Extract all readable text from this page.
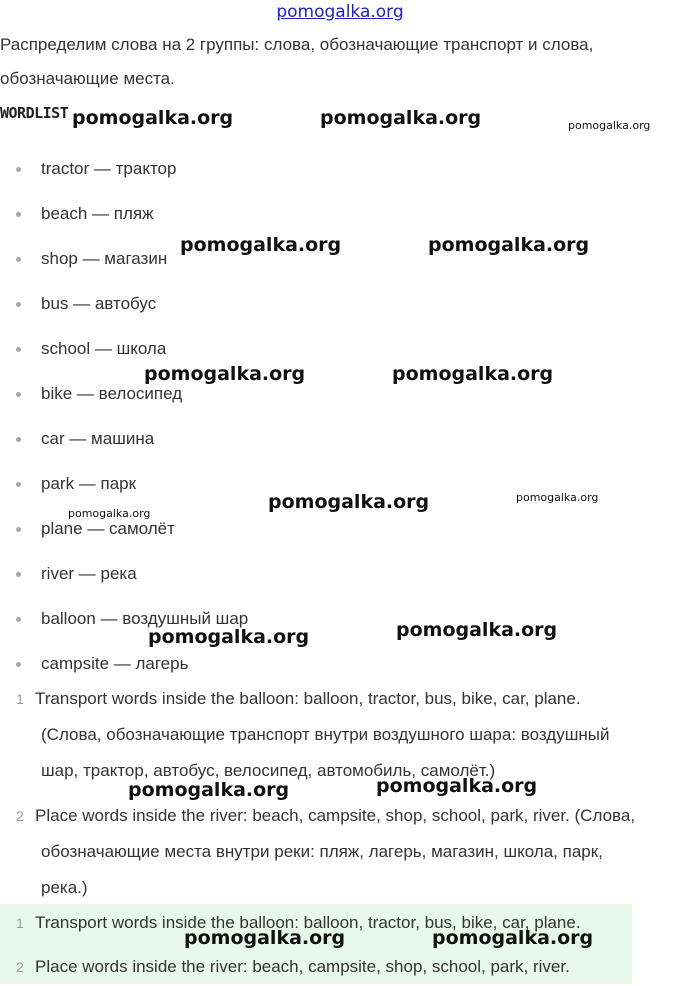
pomogalka.org
Распределим слова на 2 группы: слова, обозначающие транспорт и слова, обозначающие места.
WORDLIST
tractor — трактор
beach — пляж
shop — магазин
bus — автобус
school — школа
bike — велосипед
car — машина
park — парк
plane — самолёт
river — река
balloon — воздушный шар
campsite — лагерь
1 Transport words inside the balloon: balloon, tractor, bus, bike, car, plane.
(Слова, обозначающие транспорт внутри воздушного шара: воздушный
шар, трактор, автобус, велосипед, автомобиль, самолёт.)
2 Place words inside the river: beach, campsite, shop, school, park, river. (Слова,
обозначающие места внутри реки: пляж, лагерь, магазин, школа, парк,
река.)
1 Transport words inside the balloon: balloon, tractor, bus, bike, car, plane.
2 Place words inside the river: beach, campsite, shop, school, park, river.
pomogalka.org	pomogalka.org	pomogalka.org
pomogalka.org	pomogalka.org
pomogalka.org	pomogalka.org
pomogalka.org	pomogalka.org
pomogalka.org
pomogalka.org	pomogalka.org
pomogalka.org	pomogalka.org
pomogalka.org	pomogalka.org
